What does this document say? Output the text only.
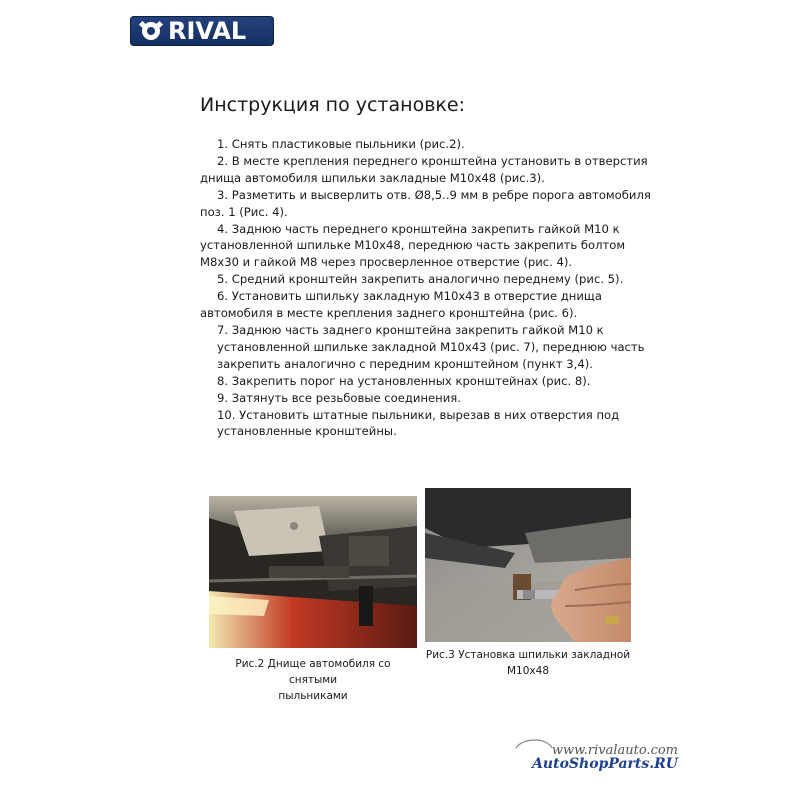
RIVAL
Инструкция по установке:
1. Снять пластиковые пыльники (рис.2).
2. В месте крепления переднего кронштейна установить в отверстия
днища автомобиля шпильки закладные М10х48 (рис.3).
3. Разметить и высверлить отв. Ø8,5..9 мм в ребре порога автомобиля
поз. 1 (Рис. 4).
4. Заднюю часть переднего кронштейна закрепить гайкой М10 к
установленной шпильке М10х48, переднюю часть закрепить болтом
М8х30 и гайкой М8 через просверленное отверстие (рис. 4).
5. Средний кронштейн закрепить аналогично переднему (рис. 5).
6. Установить шпильку закладную М10х43 в отверстие днища
автомобиля в месте крепления заднего кронштейна (рис. 6).
7. Заднюю часть заднего кронштейна закрепить гайкой М10 к
установленной шпильке закладной М10х43 (рис. 7), переднюю часть
закрепить аналогично с передним кронштейном (пункт 3,4).
8. Закрепить порог на установленных кронштейнах (рис. 8).
9. Затянуть все резьбовые соединения.
10. Установить штатные пыльники, вырезав в них отверстия под
установленные кронштейны.
Рис.2 Днище автомобиля со снятыми
пыльниками
Рис.3 Установка шпильки закладной
М10х48
www.rivalauto.com
AutoShopParts.RU
